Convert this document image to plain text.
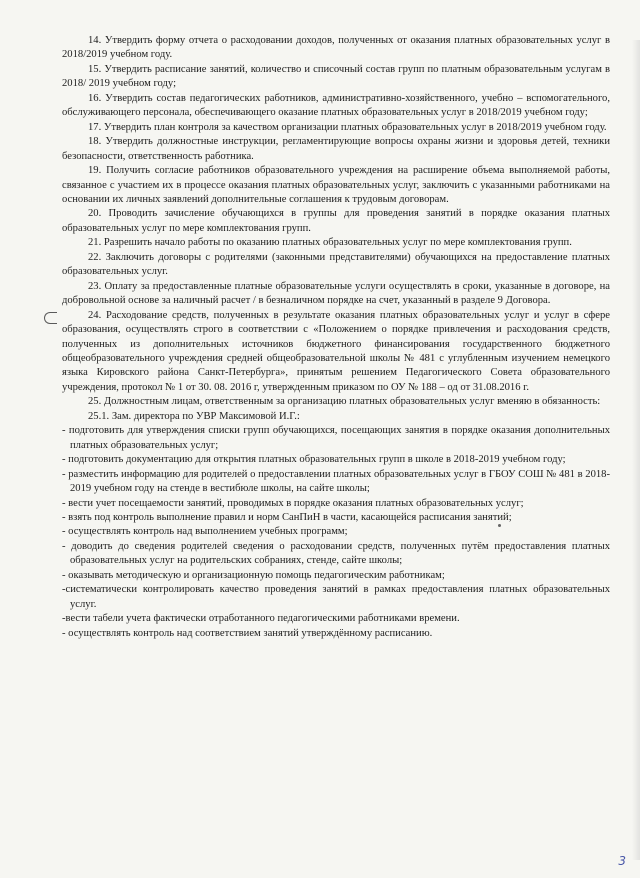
14. Утвердить форму отчета о расходовании доходов, полученных от оказания платных образовательных услуг в 2018/2019 учебном году.

15. Утвердить расписание занятий, количество и списочный состав групп по платным образовательным услугам в 2018/ 2019 учебном году;

16. Утвердить состав педагогических работников, административно-хозяйственного, учебно – вспомогательного, обслуживающего персонала, обеспечивающего оказание платных образовательных услуг в 2018/2019 учебном году;

17. Утвердить план контроля за качеством организации платных образовательных услуг в 2018/2019 учебном году.

18. Утвердить должностные инструкции, регламентирующие вопросы охраны жизни и здоровья детей, техники безопасности, ответственность работника.

19. Получить согласие работников образовательного учреждения на расширение объема выполняемой работы, связанное с участием их в процессе оказания платных образовательных услуг, заключить с указанными работниками на основании их личных заявлений дополнительные соглашения к трудовым договорам.

20. Проводить зачисление обучающихся в группы для проведения занятий в порядке оказания платных образовательных услуг по мере комплектования групп.

21. Разрешить начало работы по оказанию платных образовательных услуг по мере комплектования групп.

22. Заключить договоры с родителями (законными представителями) обучающихся на предоставление платных образовательных услуг.

23. Оплату за предоставленные платные образовательные услуги осуществлять в сроки, указанные в договоре, на добровольной основе за наличный расчет / в безналичном порядке на счет, указанный в разделе 9 Договора.

24. Расходование средств, полученных в результате оказания платных образовательных услуг и услуг в сфере образования, осуществлять строго в соответствии с «Положением о порядке привлечения и расходования средств, полученных из дополнительных источников бюджетного финансирования государственного бюджетного общеобразовательного учреждения средней общеобразовательной школы № 481 с углубленным изучением немецкого языка Кировского района Санкт-Петербурга», принятым решением Педагогического Совета образовательного учреждения, протокол № 1 от 30. 08. 2016 г, утвержденным приказом по ОУ № 188 – од от 31.08.2016 г.

25. Должностным лицам, ответственным за организацию платных образовательных услуг вменяю в обязанность:

25.1. Зам. директора по УВР Максимовой И.Г.:

- подготовить для утверждения списки групп обучающихся, посещающих занятия в порядке оказания дополнительных платных образовательных услуг;

- подготовить документацию для открытия платных образовательных групп в школе в 2018-2019 учебном году;

- разместить информацию для родителей о предоставлении платных образовательных услуг в ГБОУ СОШ № 481 в 2018-2019 учебном году на стенде в вестибюле школы, на сайте школы;

- вести учет посещаемости занятий, проводимых в порядке оказания платных образовательных услуг;

- взять под контроль выполнение правил и норм СанПиН в части, касающейся расписания занятий;

- осуществлять контроль над выполнением учебных программ;

- доводить до сведения родителей сведения о расходовании средств, полученных путём предоставления платных образовательных услуг на родительских собраниях, стенде, сайте школы;

- оказывать методическую и организационную помощь педагогическим работникам;

-систематически контролировать качество проведения занятий в рамках предоставления платных образовательных услуг.

-вести табели учета фактически отработанного педагогическими работниками времени.

- осуществлять контроль над соответствием занятий утверждённому расписанию.

3
